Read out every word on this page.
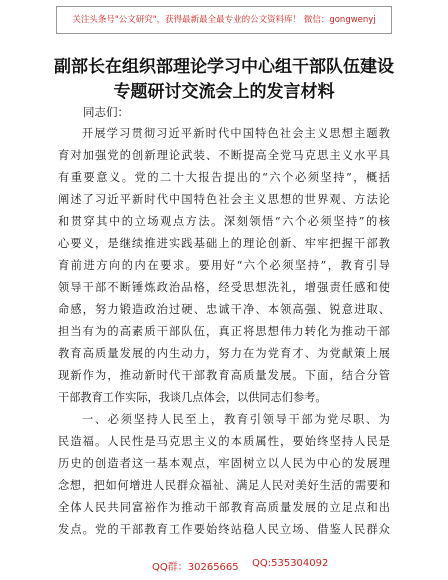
关注头条号"公文研究"，获得最新最全最专业的公文资料库！ 微信：gongwenyj
副部长在组织部理论学习中心组干部队伍建设
专题研讨交流会上的发言材料
同志们：
开展学习贯彻习近平新时代中国特色社会主义思想主题教
育对加强党的创新理论武装、不断提高全党马克思主义水平具
有重要意义。党的二十大报告提出的“六个必须坚持”，概括
阐述了习近平新时代中国特色社会主义思想的世界观、方法论
和贯穿其中的立场观点方法。深刻领悟“六个必须坚持”的核
心要义，是继续推进实践基础上的理论创新、牢牢把握干部教
育前进方向的内在要求。要用好“六个必须坚持”，教育引导
领导干部不断锤炼政治品格，经受思想洗礼，增强责任感和使
命感，努力锻造政治过硬、忠诚干净、本领高强、锐意进取、
担当有为的高素质干部队伍，真正将思想伟力转化为推动干部
教育高质量发展的内生动力，努力在为党育才、为党献策上展
现新作为，推动新时代干部教育高质量发展。下面，结合分管
干部教育工作实际，我谈几点体会，以供同志们参考。
一、必须坚持人民至上，教育引领导干部为党尽职、为
民造福。人民性是马克思主义的本质属性，要始终坚持人民是
历史的创造者这一基本观点，牢固树立以人民为中心的发展理
念想，把如何增进人民群众福祉、满足人民对美好生活的需要和
全体人民共同富裕作为推动干部教育高质量发展的立足点和出
发点。党的干部教育工作要始终站稳人民立场、借鉴人民群众
QQ群：30265665 QQ:535304092
